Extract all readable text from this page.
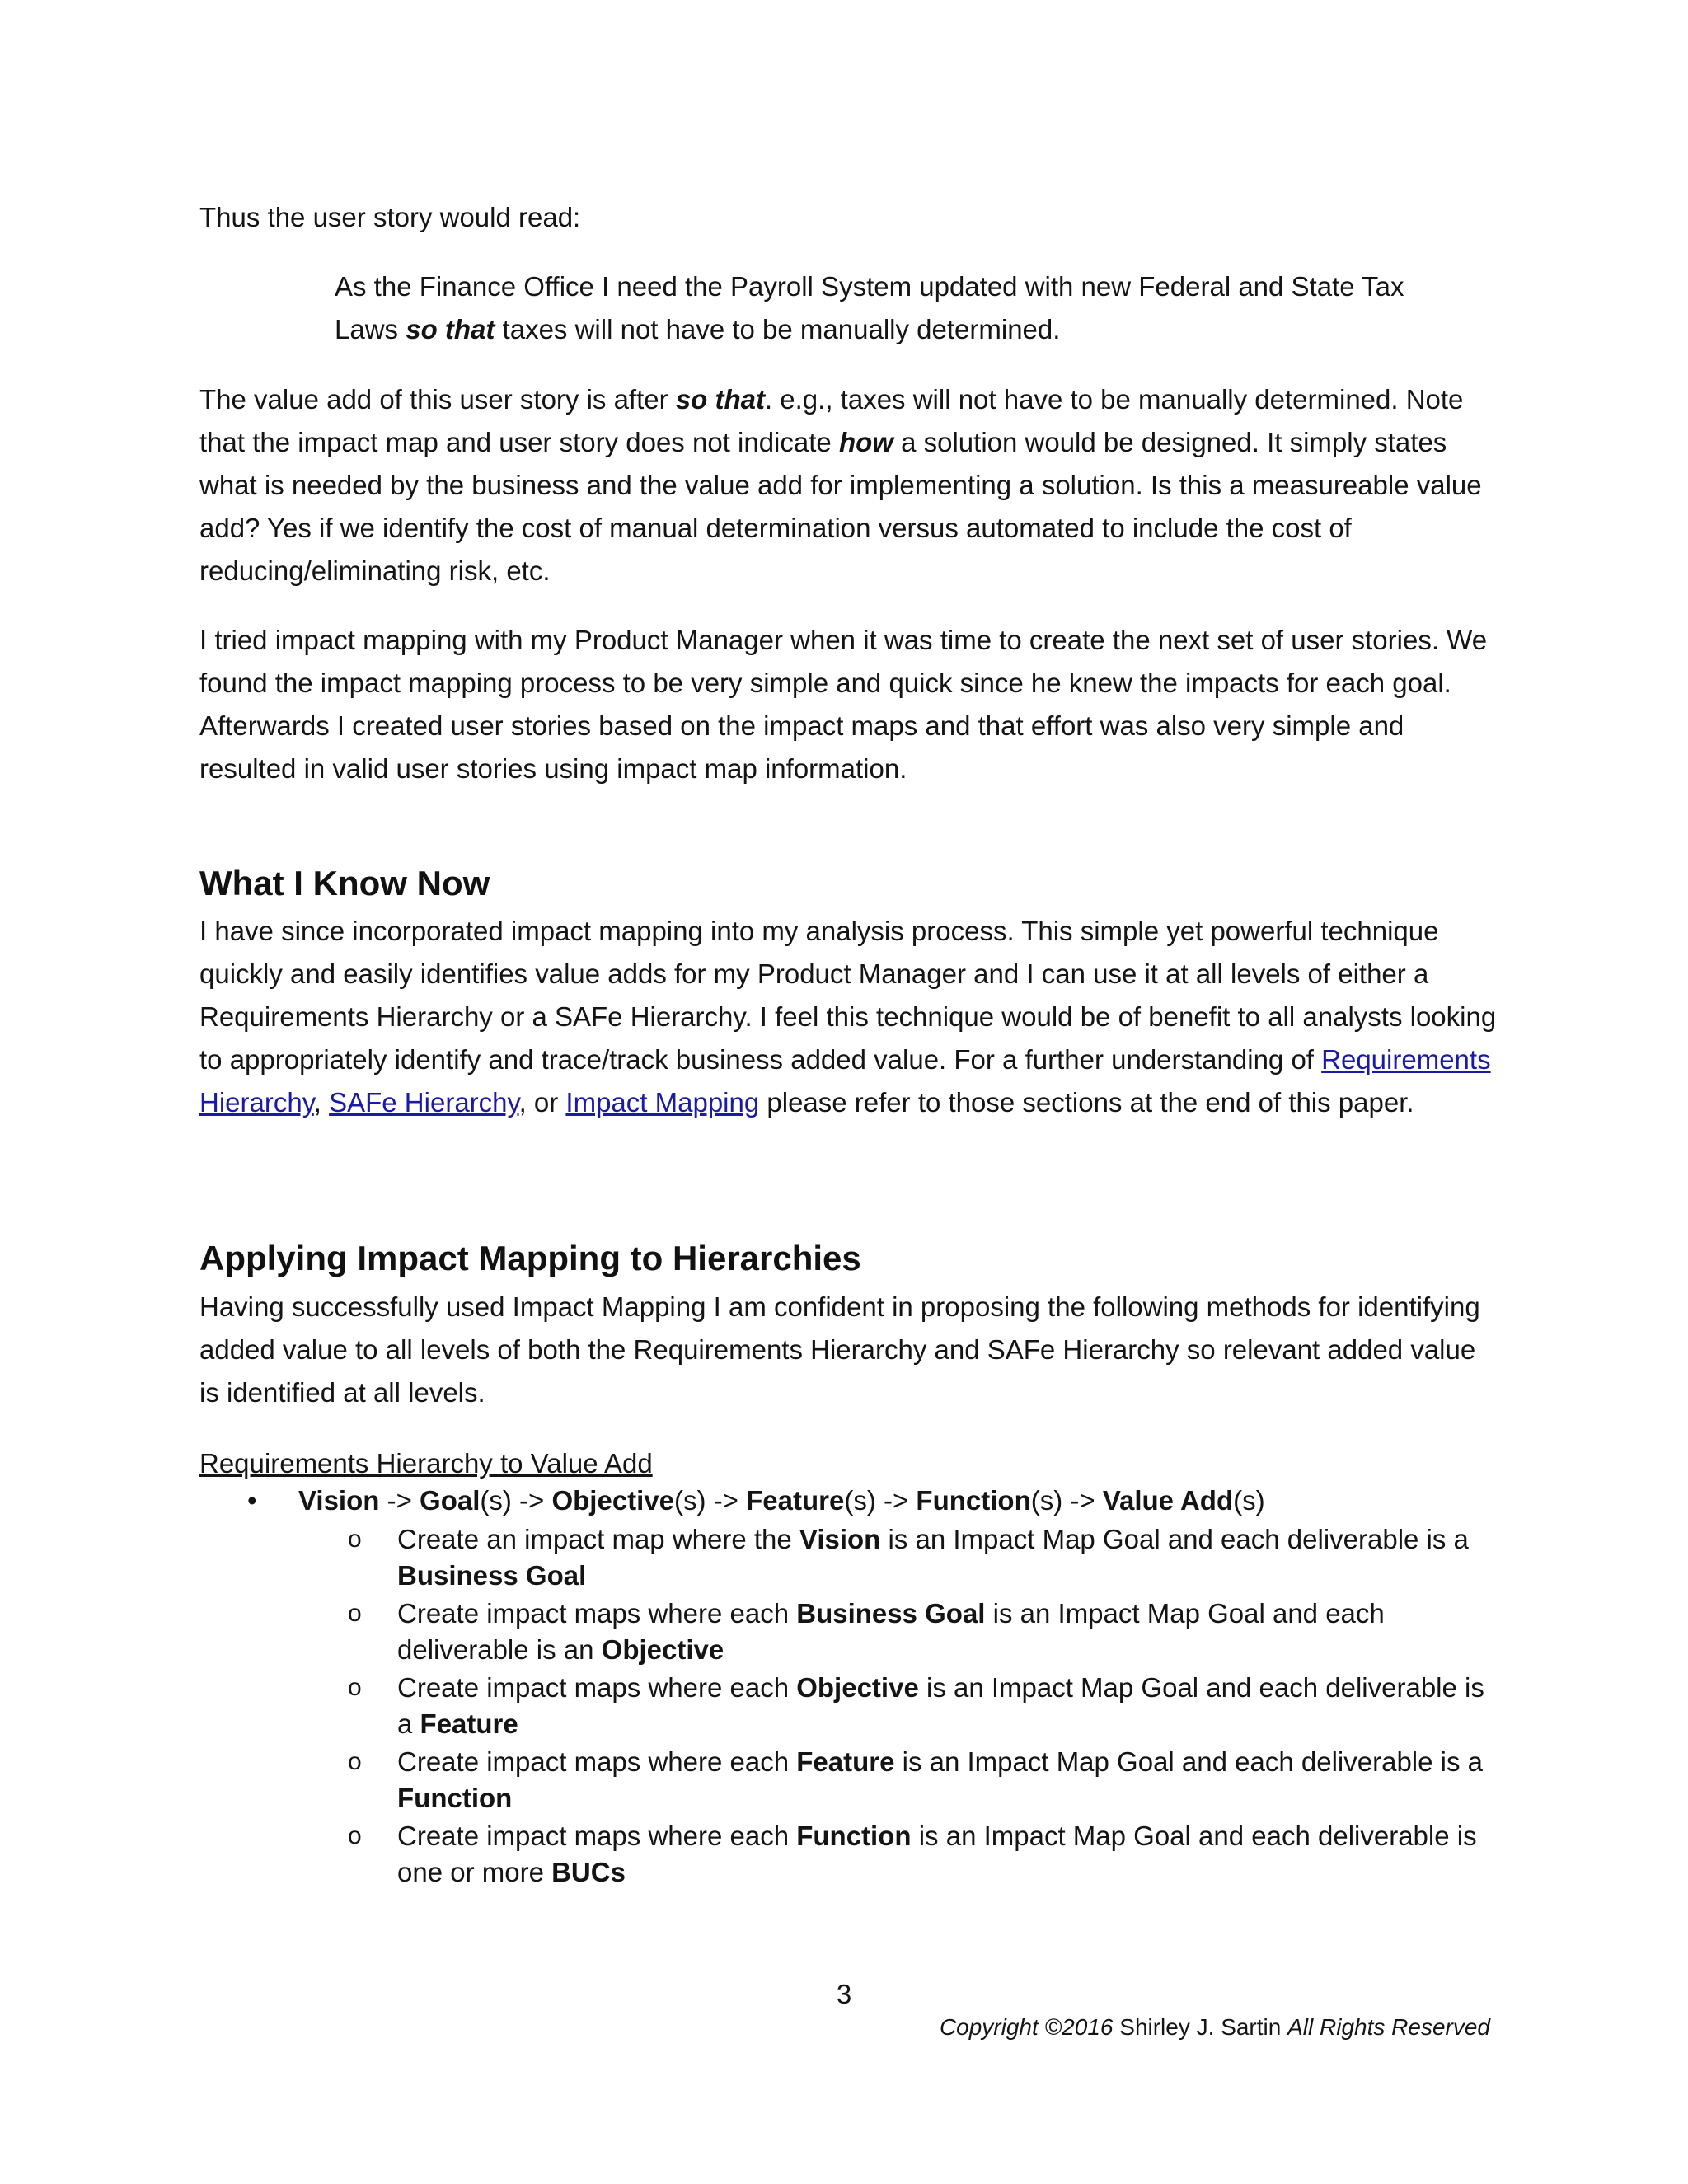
Thus the user story would read:

As the Finance Office I need the Payroll System updated with new Federal and State Tax Laws so that taxes will not have to be manually determined.

The value add of this user story is after so that. e.g., taxes will not have to be manually determined. Note that the impact map and user story does not indicate how a solution would be designed. It simply states what is needed by the business and the value add for implementing a solution. Is this a measureable value add? Yes if we identify the cost of manual determination versus automated to include the cost of reducing/eliminating risk, etc.

I tried impact mapping with my Product Manager when it was time to create the next set of user stories. We found the impact mapping process to be very simple and quick since he knew the impacts for each goal. Afterwards I created user stories based on the impact maps and that effort was also very simple and resulted in valid user stories using impact map information.

What I Know Now

I have since incorporated impact mapping into my analysis process. This simple yet powerful technique quickly and easily identifies value adds for my Product Manager and I can use it at all levels of either a Requirements Hierarchy or a SAFe Hierarchy. I feel this technique would be of benefit to all analysts looking to appropriately identify and trace/track business added value. For a further understanding of Requirements Hierarchy, SAFe Hierarchy, or Impact Mapping please refer to those sections at the end of this paper.

Applying Impact Mapping to Hierarchies

Having successfully used Impact Mapping I am confident in proposing the following methods for identifying added value to all levels of both the Requirements Hierarchy and SAFe Hierarchy so relevant added value is identified at all levels.

Requirements Hierarchy to Value Add

• Vision -> Goal(s) -> Objective(s) -> Feature(s) -> Function(s) -> Value Add(s)
o Create an impact map where the Vision is an Impact Map Goal and each deliverable is a Business Goal
o Create impact maps where each Business Goal is an Impact Map Goal and each deliverable is an Objective
o Create impact maps where each Objective is an Impact Map Goal and each deliverable is a Feature
o Create impact maps where each Feature is an Impact Map Goal and each deliverable is a Function
o Create impact maps where each Function is an Impact Map Goal and each deliverable is one or more BUCs
3
Copyright ©2016 Shirley J. Sartin All Rights Reserved
